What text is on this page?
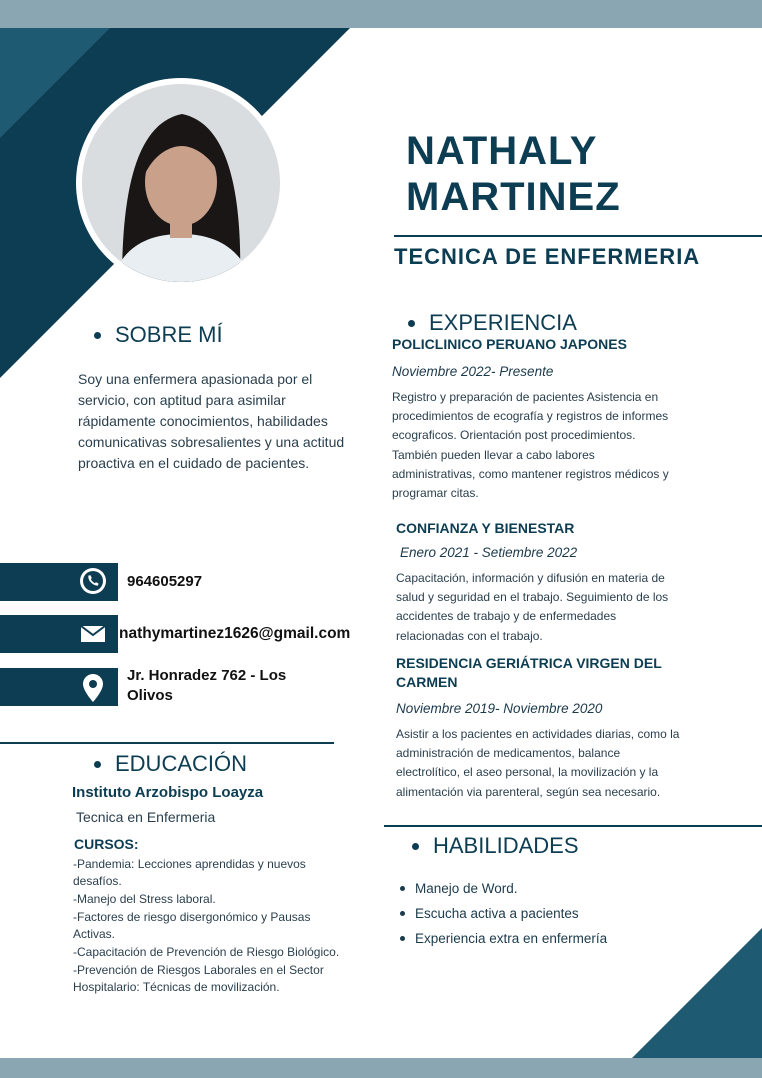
NATHALY
MARTINEZ
TECNICA DE ENFERMERIA
SOBRE MÍ
Soy una enfermera apasionada por el servicio, con aptitud para asimilar rápidamente conocimientos, habilidades comunicativas sobresalientes y una actitud proactiva en el cuidado de pacientes.
964605297
nathymartinez1626@gmail.com
Jr. Honradez 762 - Los Olivos
EDUCACIÓN
Instituto Arzobispo Loayza
Tecnica en Enfermeria
CURSOS:
-Pandemia: Lecciones aprendidas y nuevos desafíos.
-Manejo del Stress laboral.
-Factores de riesgo disergonómico y Pausas Activas.
-Capacitación de Prevención de Riesgo Biológico.
-Prevención de Riesgos Laborales en el Sector Hospitalario: Técnicas de movilización.
EXPERIENCIA
POLICLINICO PERUANO JAPONES
Noviembre 2022- Presente
Registro y preparación de pacientes Asistencia en procedimientos de ecografía y registros de informes ecograficos. Orientación post procedimientos. También pueden llevar a cabo labores administrativas, como mantener registros médicos y programar citas.
CONFIANZA Y BIENESTAR
Enero 2021 - Setiembre 2022
Capacitación, información y difusión en materia de salud y seguridad en el trabajo. Seguimiento de los accidentes de trabajo y de enfermedades relacionadas con el trabajo.
RESIDENCIA GERIÁTRICA VIRGEN DEL CARMEN
Noviembre 2019- Noviembre 2020
Asistir a los pacientes en actividades diarias, como la administración de medicamentos, balance electrolítico, el aseo personal, la movilización y la alimentación via parenteral, según sea necesario.
HABILIDADES
Manejo de Word.
Escucha activa a pacientes
Experiencia extra en enfermería
